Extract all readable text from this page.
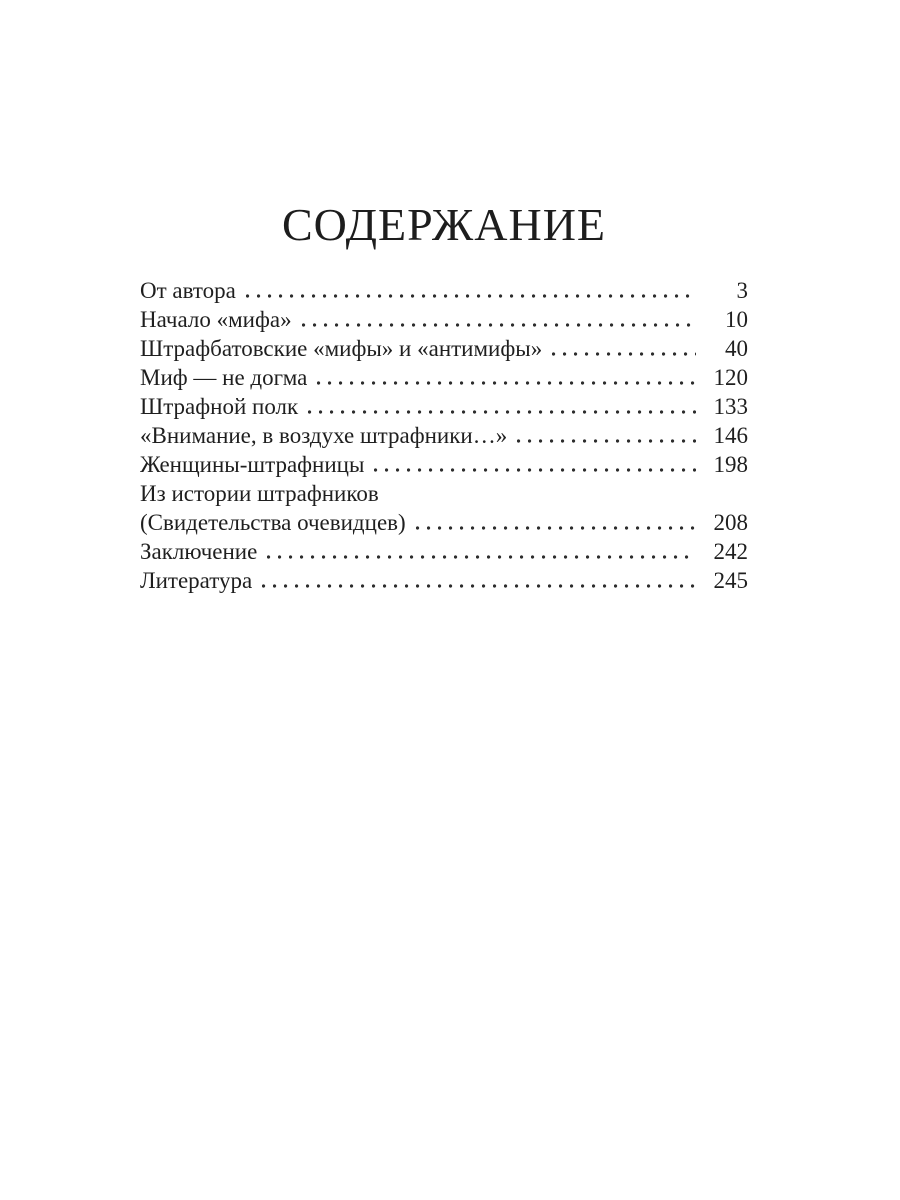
СОДЕРЖАНИЕ
От автора	3
Начало «мифа»	10
Штрафбатовские «мифы» и «антимифы»	40
Миф — не догма	120
Штрафной полк	133
«Внимание, в воздухе штрафники…»	146
Женщины-штрафницы	198
Из истории штрафников
(Свидетельства очевидцев)	208
Заключение	242
Литература	245
